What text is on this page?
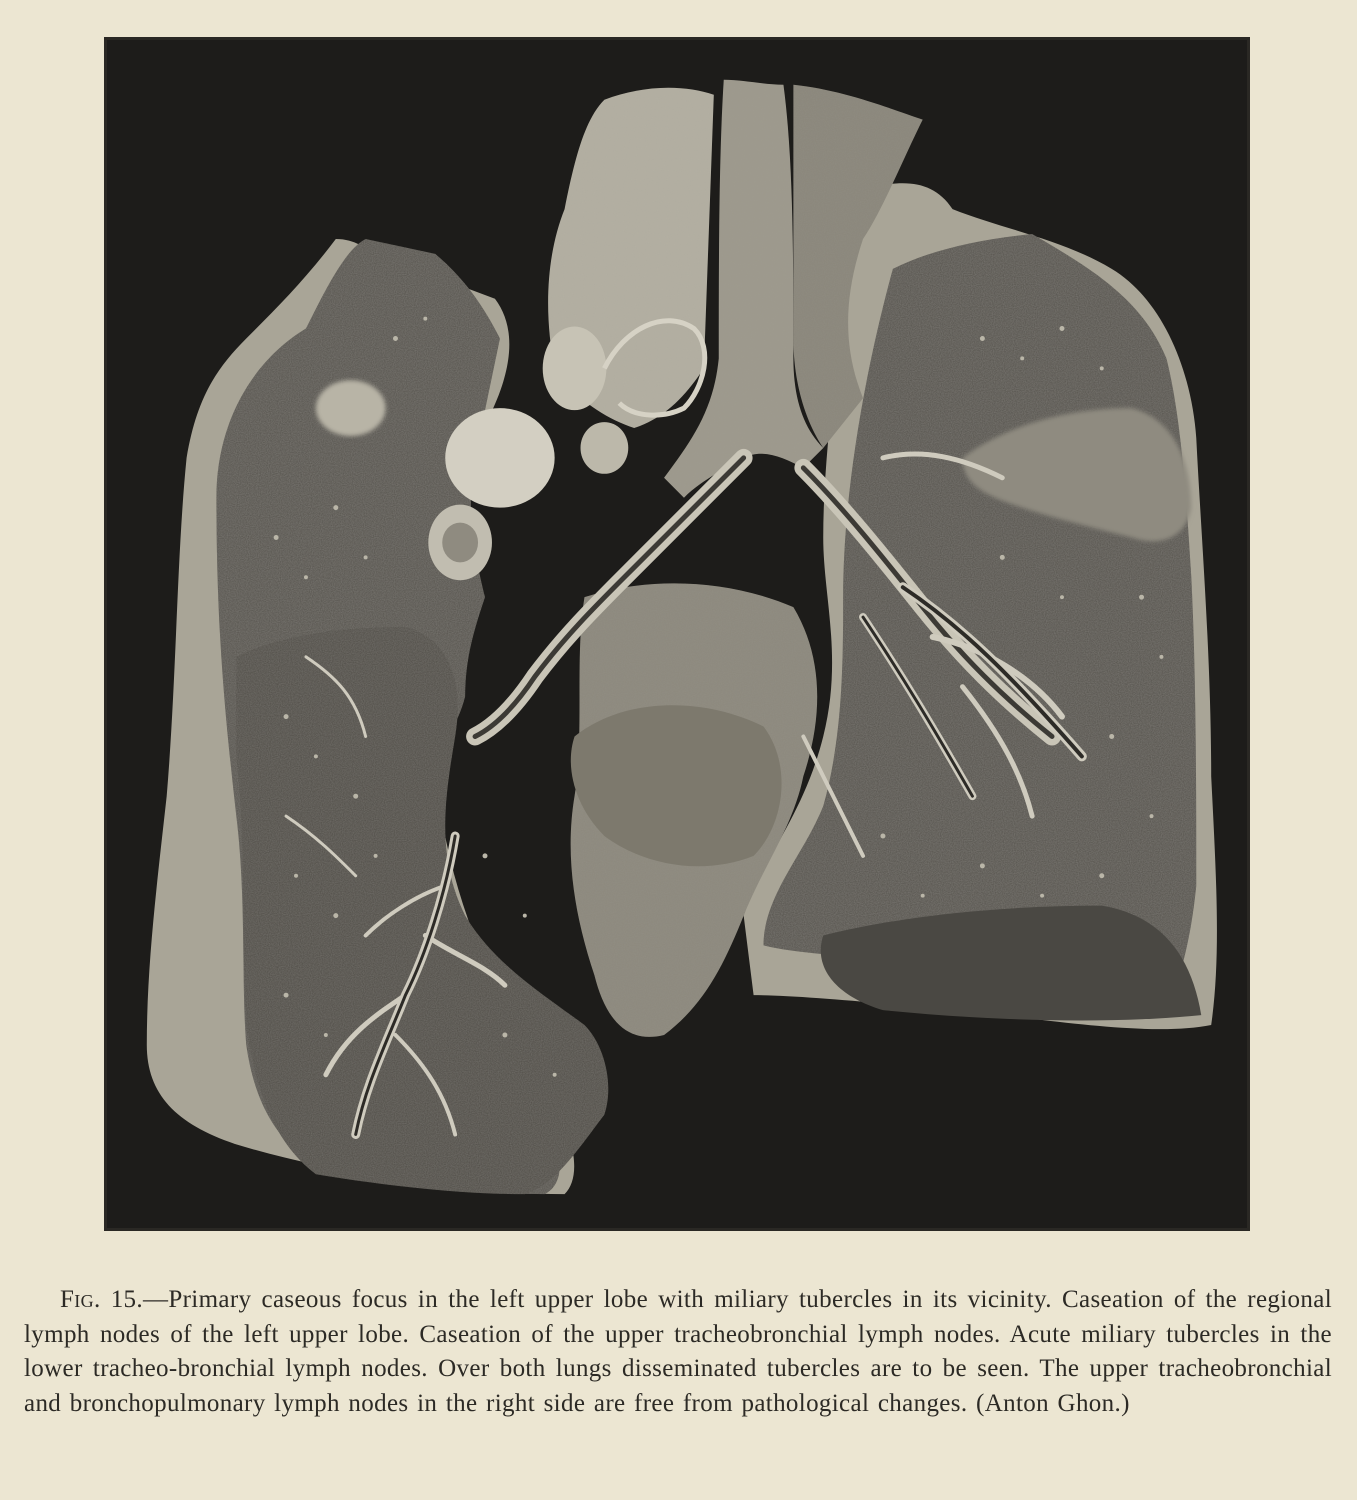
Fig. 15.—Primary caseous focus in the left upper lobe with miliary tubercles in its vicinity. Caseation of the regional lymph nodes of the left upper lobe. Caseation of the upper tracheobronchial lymph nodes. Acute miliary tubercles in the lower tracheo-bronchial lymph nodes. Over both lungs disseminated tubercles are to be seen. The upper tracheobronchial and bronchopulmonary lymph nodes in the right side are free from pathological changes. (Anton Ghon.)
